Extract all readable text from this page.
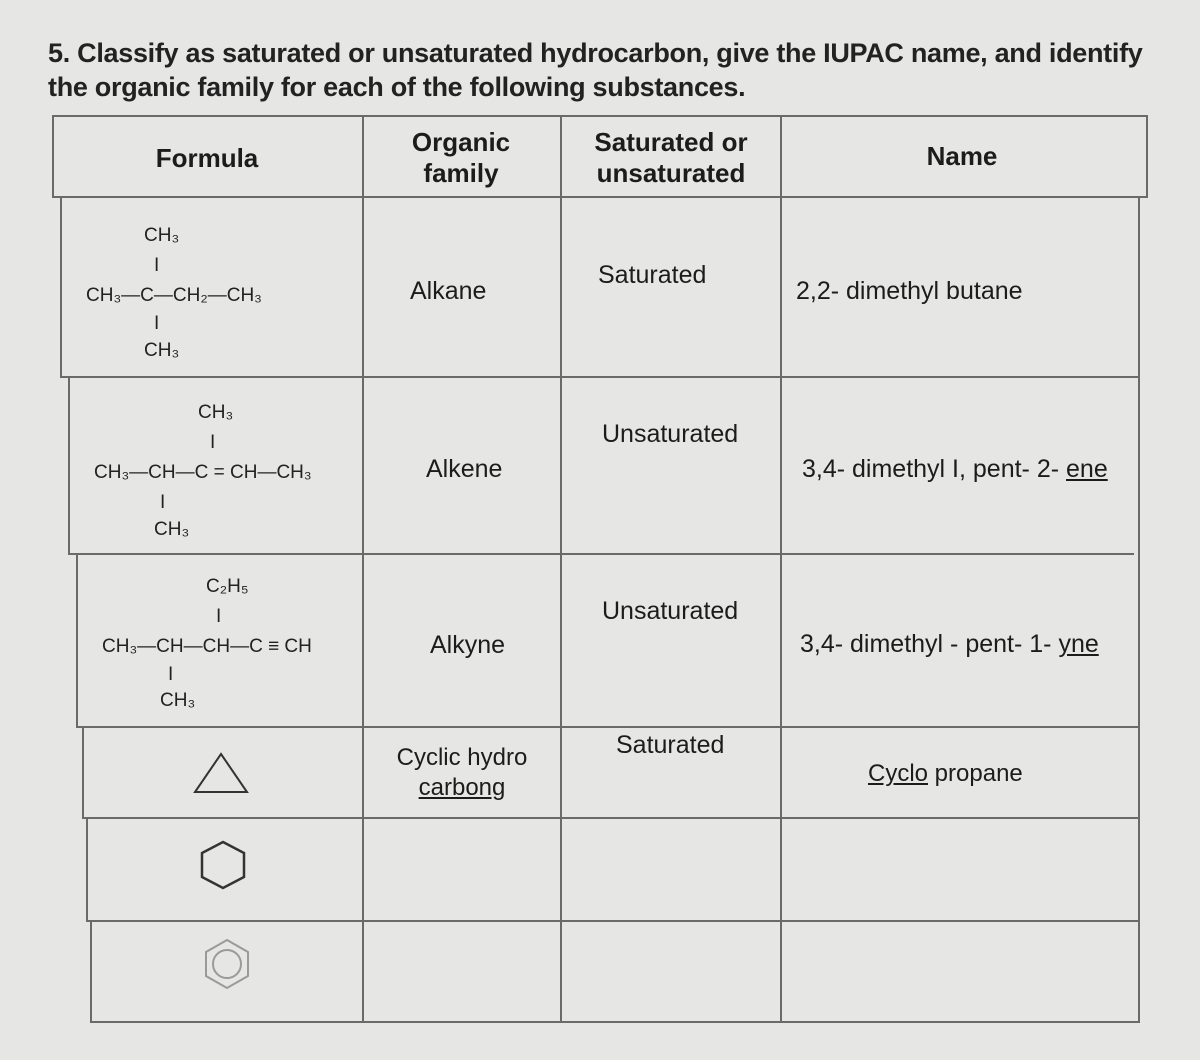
5. Classify as saturated or unsaturated hydrocarbon, give the IUPAC name, and identify the organic family for each of the following substances.
Formula
Organic
family
Saturated or
unsaturated
Name
CH₃
I
CH₃—C—CH₂—CH₃
I
CH₃
Alkane
Saturated
2,2- dimethyl butane
CH₃
I
CH₃—CH—C = CH—CH₃
I
CH₃
Alkene
Unsaturated
3,4- dimethyl I, pent- 2- ene
C₂H₅
I
CH₃—CH—CH—C ≡ CH
I
CH₃
Alkyne
Unsaturated
3,4- dimethyl - pent- 1- yne
Cyclic hydro
carbong
Saturated
Cyclo propane
